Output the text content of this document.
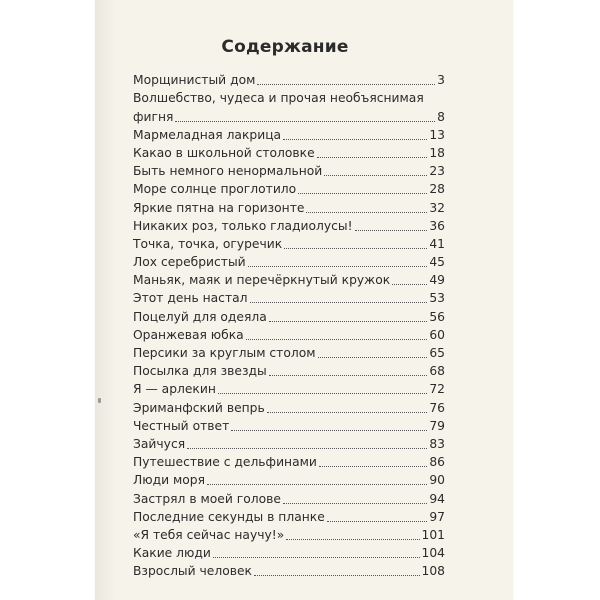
Содержание
Морщинистый дом	3
Волшебство, чудеса и прочая необъяснимая
фигня	8
Мармеладная лакрица	13
Какао в школьной столовке	18
Быть немного ненормальной	23
Море солнце проглотило	28
Яркие пятна на горизонте	32
Никаких роз, только гладиолусы!	36
Точка, точка, огуречик	41
Лох серебристый	45
Маньяк, маяк и перечёркнутый кружок	49
Этот день настал	53
Поцелуй для одеяла	56
Оранжевая юбка	60
Персики за круглым столом	65
Посылка для звезды	68
Я — арлекин	72
Эриманфский вепрь	76
Честный ответ	79
Зайчуся	83
Путешествие с дельфинами	86
Люди моря	90
Застрял в моей голове	94
Последние секунды в планке	97
«Я тебя сейчас научу!»	101
Какие люди	104
Взрослый человек	108
